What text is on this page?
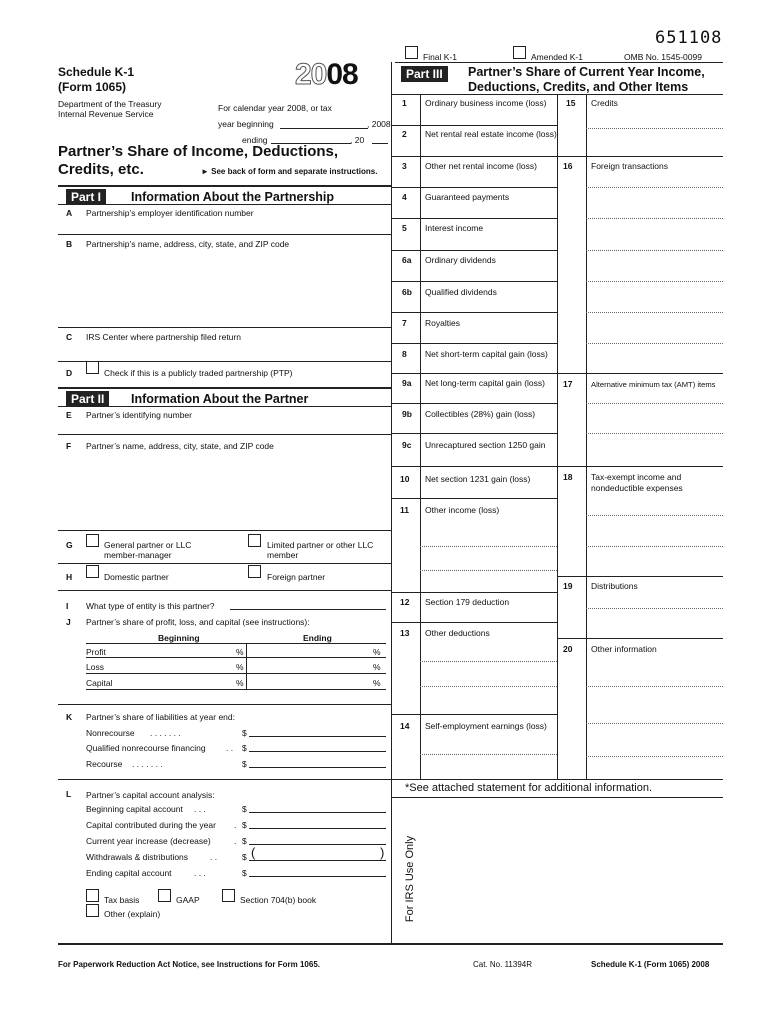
651108
Final K-1	Amended K-1	OMB No. 1545-0099
Schedule K-1
(Form 1065)	2008
Department of the Treasury
Internal Revenue Service
For calendar year 2008, or tax
year beginning	, 2008
ending	, 20
Partner’s Share of Income, Deductions,
Credits, etc.	► See back of form and separate instructions.
Part I	Information About the Partnership
A Partnership’s employer identification number
B Partnership’s name, address, city, state, and ZIP code
C IRS Center where partnership filed return
D	Check if this is a publicly traded partnership (PTP)
Part II	Information About the Partner
E Partner’s identifying number
F Partner’s name, address, city, state, and ZIP code
G	General partner or LLC
member-manager
Limited partner or other LLC
member
H	Domestic partner	Foreign partner
I What type of entity is this partner?
J Partner’s share of profit, loss, and capital (see instructions):
Beginning	Ending
Profit	%	%
Loss	%	%
Capital	%	%
K Partner’s share of liabilities at year end:
Nonrecourse . . . . . . .	$
Qualified nonrecourse financing . . $
Recourse . . . . . . .	$
L Partner’s capital account analysis:
Beginning capital account . . .	$
Capital contributed during the year . $
Current year increase (decrease)	. $
Withdrawals & distributions	. .	$ (	)
Ending capital account	. . .	$
Tax basis	GAAP	Section 704(b) book
Other (explain)
Part III	Partner’s Share of Current Year Income,
Deductions, Credits, and Other Items
1 Ordinary business income (loss)
2 Net rental real estate income (loss)
3 Other net rental income (loss)
4 Guaranteed payments
5 Interest income
6a Ordinary dividends
6b Qualified dividends
7 Royalties
8 Net short-term capital gain (loss)
9a Net long-term capital gain (loss)
9b Collectibles (28%) gain (loss)
9c Unrecaptured section 1250 gain
10 Net section 1231 gain (loss)
11 Other income (loss)
12 Section 179 deduction
13 Other deductions
14 Self-employment earnings (loss)
15 Credits
16 Foreign transactions
17 Alternative minimum tax (AMT) items
18 Tax-exempt income and
nondeductible expenses
19 Distributions
20 Other information
*See attached statement for additional information.
For IRS Use Only
For Paperwork Reduction Act Notice, see Instructions for Form 1065.	Cat. No. 11394R	Schedule K-1 (Form 1065) 2008
